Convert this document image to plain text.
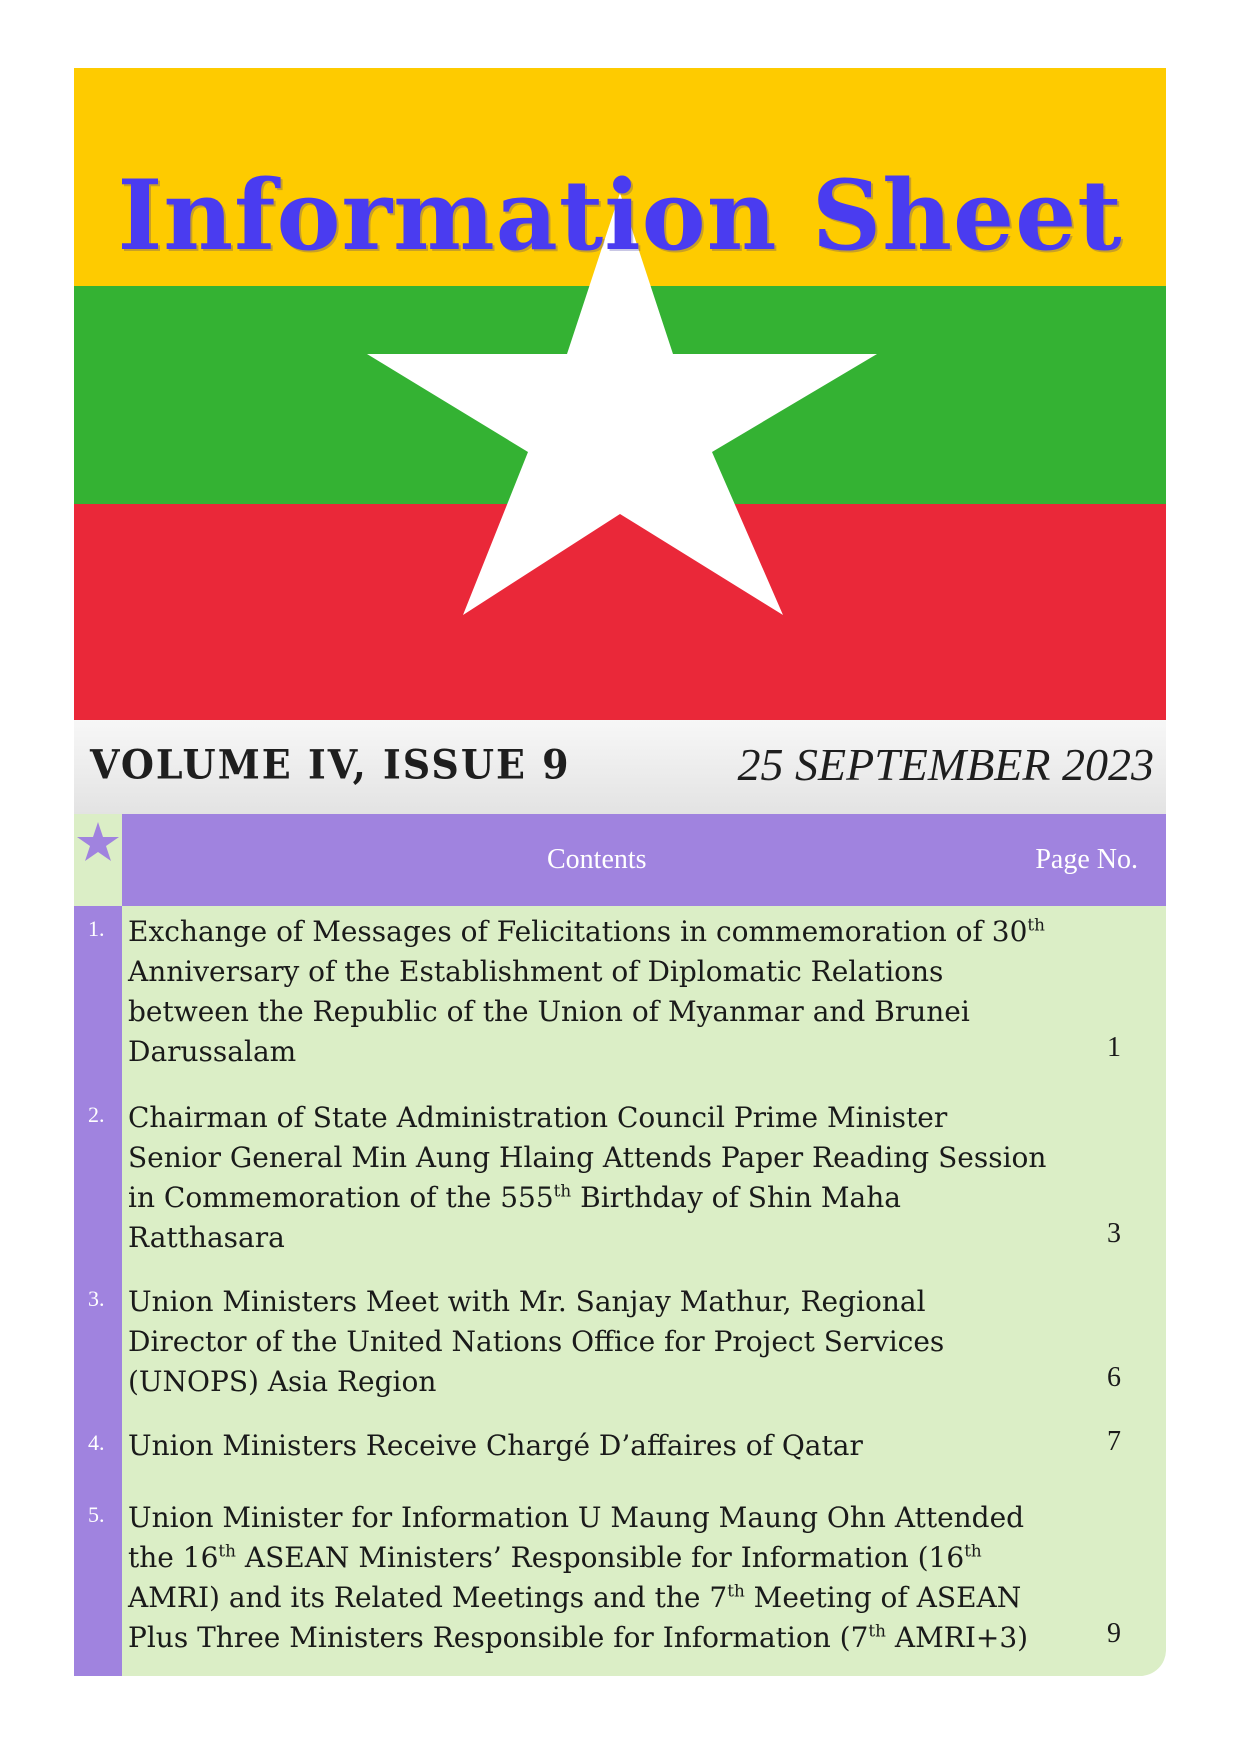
Information Sheet
VOLUME IV, ISSUE 9	25 SEPTEMBER 2023
Contents	Page No.
1. Exchange of Messages of Felicitations in commemoration of 30th
Anniversary of the Establishment of Diplomatic Relations
between the Republic of the Union of Myanmar and Brunei
Darussalam	1
2. Chairman of State Administration Council Prime Minister
Senior General Min Aung Hlaing Attends Paper Reading Session
in Commemoration of the 555th Birthday of Shin Maha
Ratthasara	3
3. Union Ministers Meet with Mr. Sanjay Mathur, Regional
Director of the United Nations Office for Project Services
(UNOPS) Asia Region	6
4. Union Ministers Receive Chargé D’affaires of Qatar	7
5. Union Minister for Information U Maung Maung Ohn Attended
the 16th ASEAN Ministers’ Responsible for Information (16th
AMRI) and its Related Meetings and the 7th Meeting of ASEAN
Plus Three Ministers Responsible for Information (7th AMRI+3)	9
